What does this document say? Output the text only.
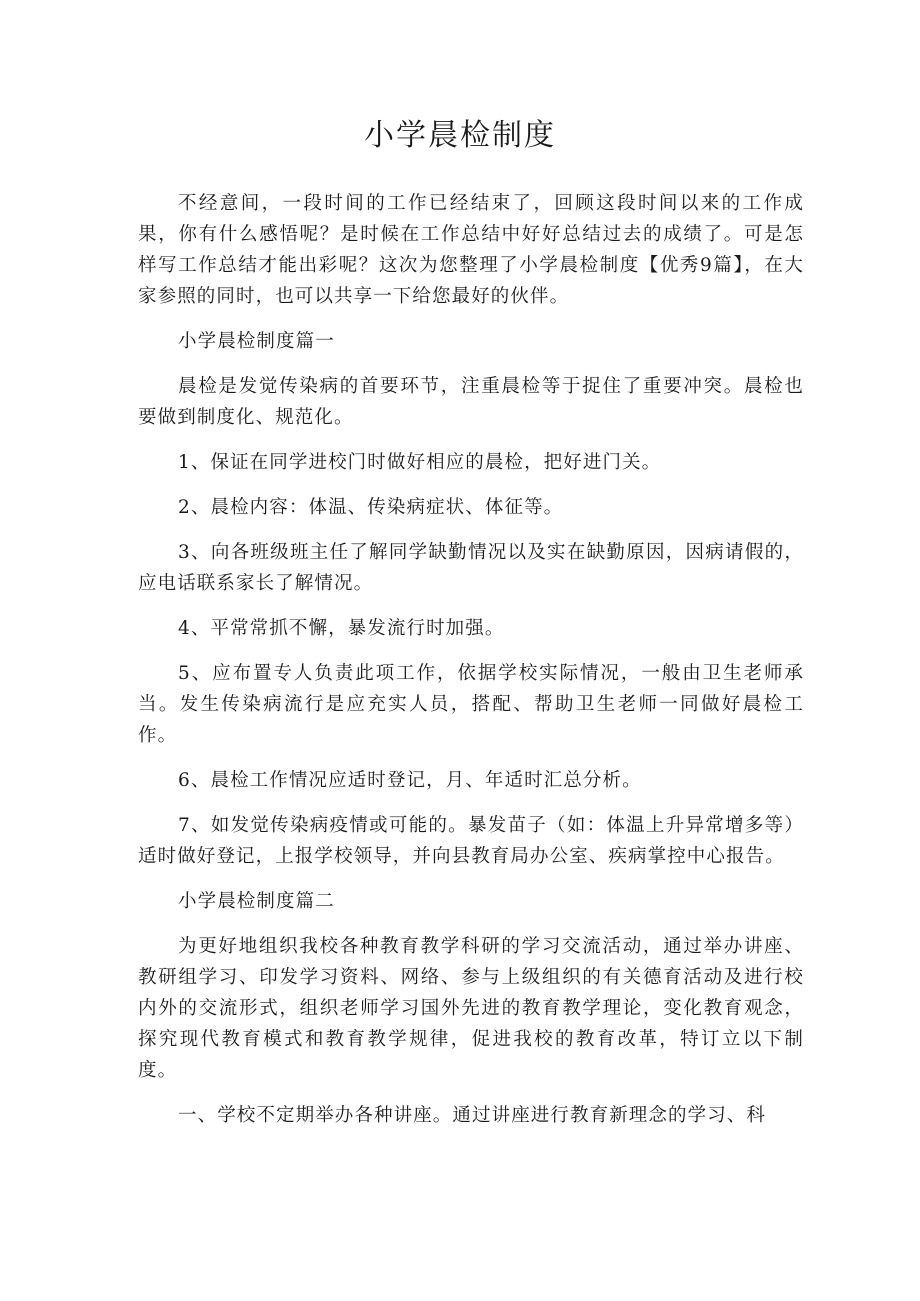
小学晨检制度

不经意间，一段时间的工作已经结束了，回顾这段时间以来的工作成果，你有什么感悟呢？是时候在工作总结中好好总结过去的成绩了。可是怎样写工作总结才能出彩呢？这次为您整理了小学晨检制度【优秀9篇】，在大家参照的同时，也可以共享一下给您最好的伙伴。

小学晨检制度篇一

晨检是发觉传染病的首要环节，注重晨检等于捉住了重要冲突。晨检也要做到制度化、规范化。

1、保证在同学进校门时做好相应的晨检，把好进门关。

2、晨检内容：体温、传染病症状、体征等。

3、向各班级班主任了解同学缺勤情况以及实在缺勤原因，因病请假的，应电话联系家长了解情况。

4、平常常抓不懈，暴发流行时加强。

5、应布置专人负责此项工作，依据学校实际情况，一般由卫生老师承当。发生传染病流行是应充实人员，搭配、帮助卫生老师一同做好晨检工作。

6、晨检工作情况应适时登记，月、年适时汇总分析。

7、如发觉传染病疫情或可能的。暴发苗子（如：体温上升异常增多等）适时做好登记，上报学校领导，并向县教育局办公室、疾病掌控中心报告。

小学晨检制度篇二

为更好地组织我校各种教育教学科研的学习交流活动，通过举办讲座、教研组学习、印发学习资料、网络、参与上级组织的有关德育活动及进行校内外的交流形式，组织老师学习国外先进的教育教学理论，变化教育观念，探究现代教育模式和教育教学规律，促进我校的教育改革，特订立以下制度。

一、学校不定期举办各种讲座。通过讲座进行教育新理念的学习、科
